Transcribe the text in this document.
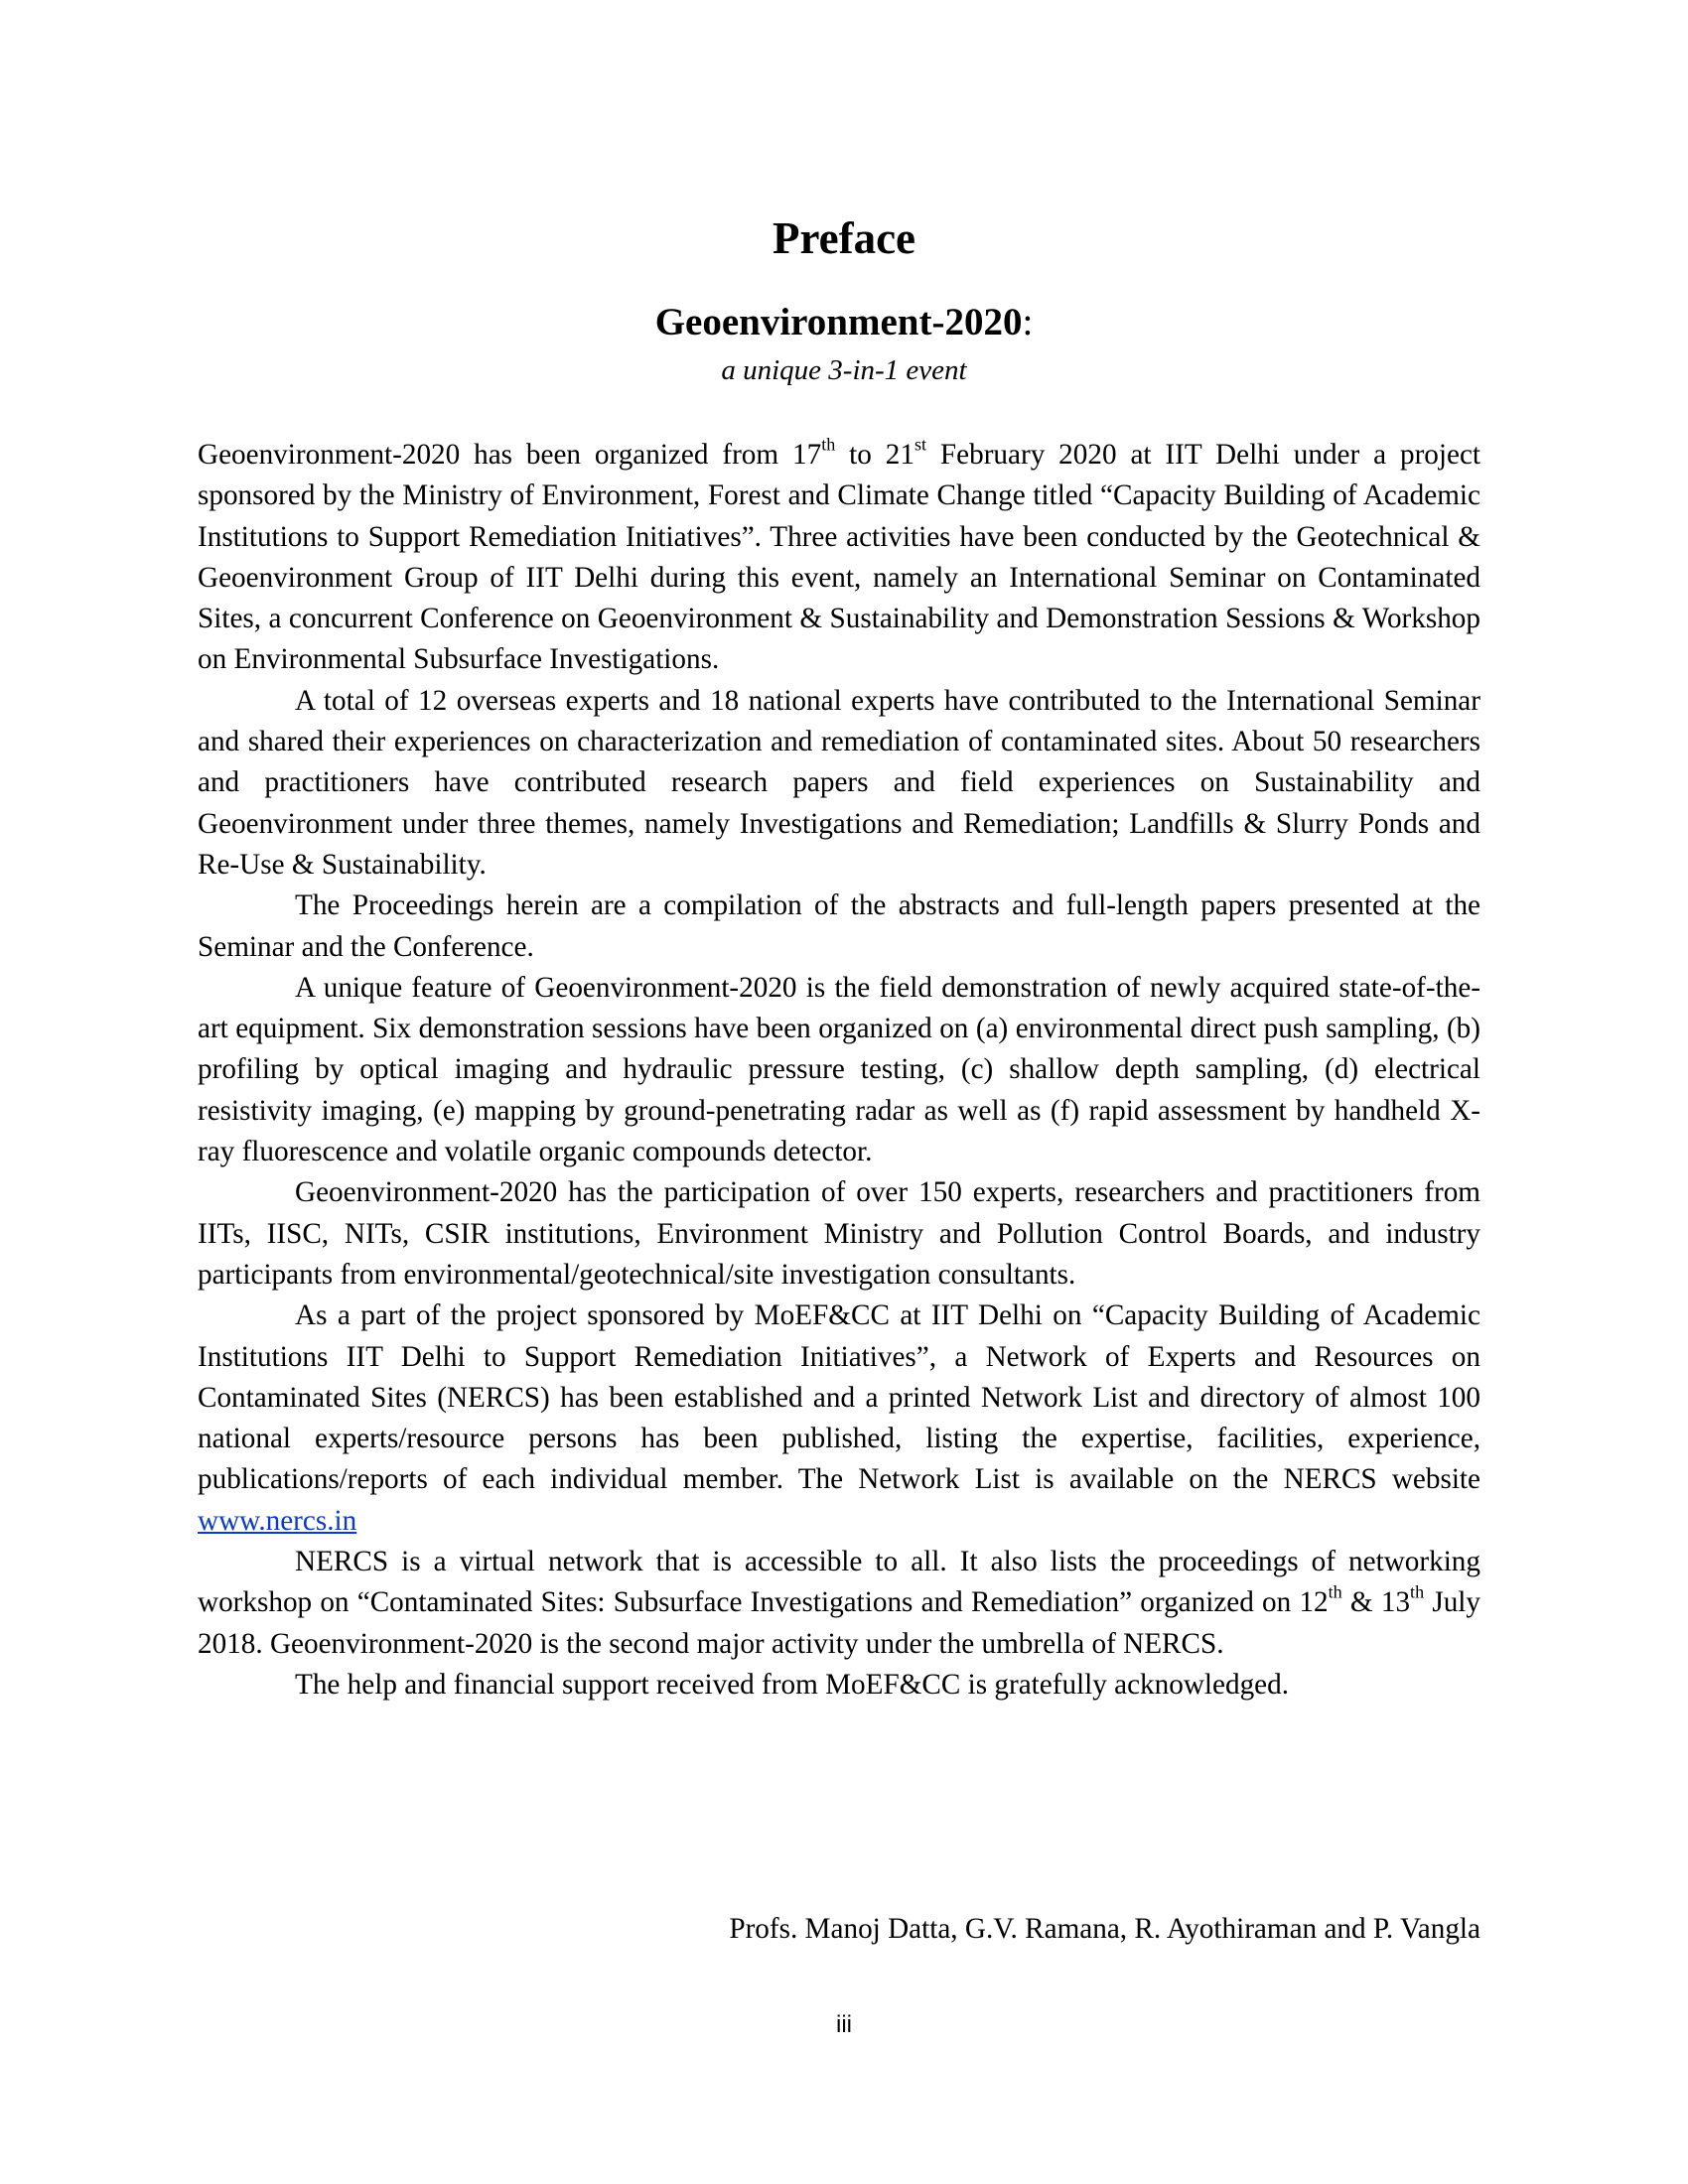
Preface
Geoenvironment-2020:
a unique 3-in-1 event

Geoenvironment-2020 has been organized from 17th to 21st February 2020 at IIT Delhi under a project sponsored by the Ministry of Environment, Forest and Climate Change titled “Capacity Building of Academic Institutions to Support Remediation Initiatives”. Three activities have been conducted by the Geotechnical & Geoenvironment Group of IIT Delhi during this event, namely an International Seminar on Contaminated Sites, a concurrent Conference on Geoenvironment & Sustainability and Demonstration Sessions & Workshop on Environmental Subsurface Investigations.

A total of 12 overseas experts and 18 national experts have contributed to the International Seminar and shared their experiences on characterization and remediation of contaminated sites. About 50 researchers and practitioners have contributed research papers and field experiences on Sustainability and Geoenvironment under three themes, namely Investigations and Remediation; Landfills & Slurry Ponds and Re-Use & Sustainability.

The Proceedings herein are a compilation of the abstracts and full-length papers presented at the Seminar and the Conference.

A unique feature of Geoenvironment-2020 is the field demonstration of newly acquired state-of-the-art equipment. Six demonstration sessions have been organized on (a) environmental direct push sampling, (b) profiling by optical imaging and hydraulic pressure testing, (c) shallow depth sampling, (d) electrical resistivity imaging, (e) mapping by ground-penetrating radar as well as (f) rapid assessment by handheld X-ray fluorescence and volatile organic compounds detector.

Geoenvironment-2020 has the participation of over 150 experts, researchers and practitioners from IITs, IISC, NITs, CSIR institutions, Environment Ministry and Pollution Control Boards, and industry participants from environmental/geotechnical/site investigation consultants.

As a part of the project sponsored by MoEF&CC at IIT Delhi on “Capacity Building of Academic Institutions IIT Delhi to Support Remediation Initiatives”, a Network of Experts and Resources on Contaminated Sites (NERCS) has been established and a printed Network List and directory of almost 100 national experts/resource persons has been published, listing the expertise, facilities, experience, publications/reports of each individual member. The Network List is available on the NERCS website www.nercs.in

NERCS is a virtual network that is accessible to all. It also lists the proceedings of networking workshop on “Contaminated Sites: Subsurface Investigations and Remediation” organized on 12th & 13th July 2018. Geoenvironment-2020 is the second major activity under the umbrella of NERCS.

The help and financial support received from MoEF&CC is gratefully acknowledged.

Profs. Manoj Datta, G.V. Ramana, R. Ayothiraman and P. Vangla
iii
